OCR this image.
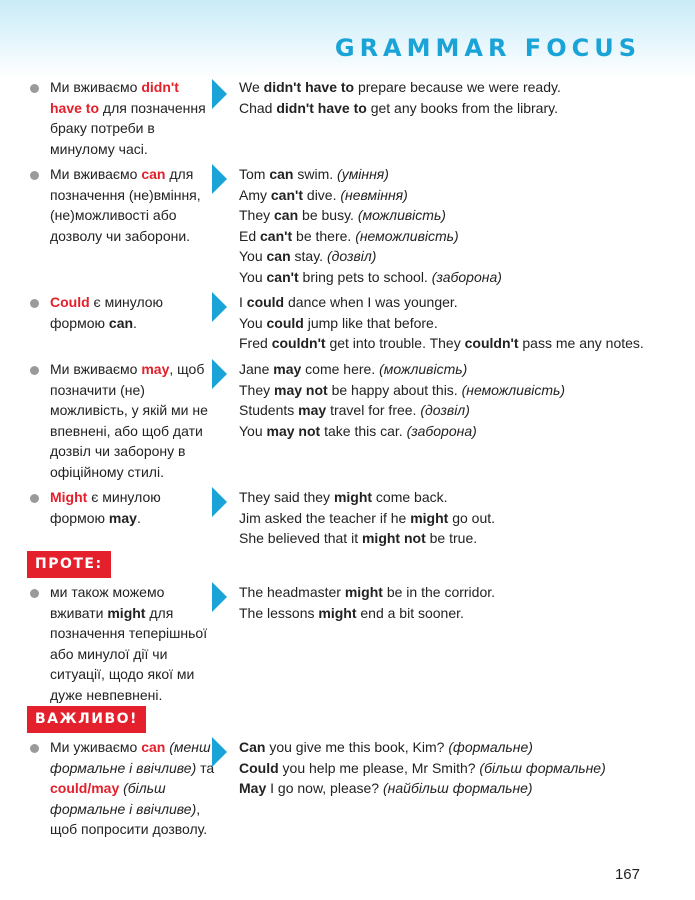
GRAMMAR FOCUS
Ми вживаємо didn't
have to для позначення
браку потреби в
минулому часі.
We didn't have to prepare because we were ready.
Chad didn't have to get any books from the library.
Ми вживаємо can для
позначення (не)вміння,
(не)можливості або
дозволу чи заборони.
Tom can swim. (уміння)
Amy can't dive. (невміння)
They can be busy. (можливість)
Ed can't be there. (неможливість)
You can stay. (дозвіл)
You can't bring pets to school. (заборона)
Could є минулою
формою can.
I could dance when I was younger.
You could jump like that before.
Fred couldn't get into trouble. They couldn't pass me any notes.
Ми вживаємо may, щоб
позначити (не)
можливість, у якій ми не
впевнені, або щоб дати
дозвіл чи заборону в
офіційному стилі.
Jane may come here. (можливість)
They may not be happy about this. (неможливість)
Students may travel for free. (дозвіл)
You may not take this car. (заборона)
Might є минулою
формою may.
They said they might come back.
Jim asked the teacher if he might go out.
She believed that it might not be true.
ПРОТЕ:
ми також можемо
вживати might для
позначення теперішньої
або минулої дії чи
ситуації, щодо якої ми
дуже невпевнені.
The headmaster might be in the corridor.
The lessons might end a bit sooner.
ВАЖЛИВО!
Ми уживаємо can (менш
формальне і ввічливе) та
could/may (більш
формальне і ввічливе),
щоб попросити дозволу.
Can you give me this book, Kim? (формальне)
Could you help me please, Mr Smith? (більш формальне)
May I go now, please? (найбільш формальне)
167
